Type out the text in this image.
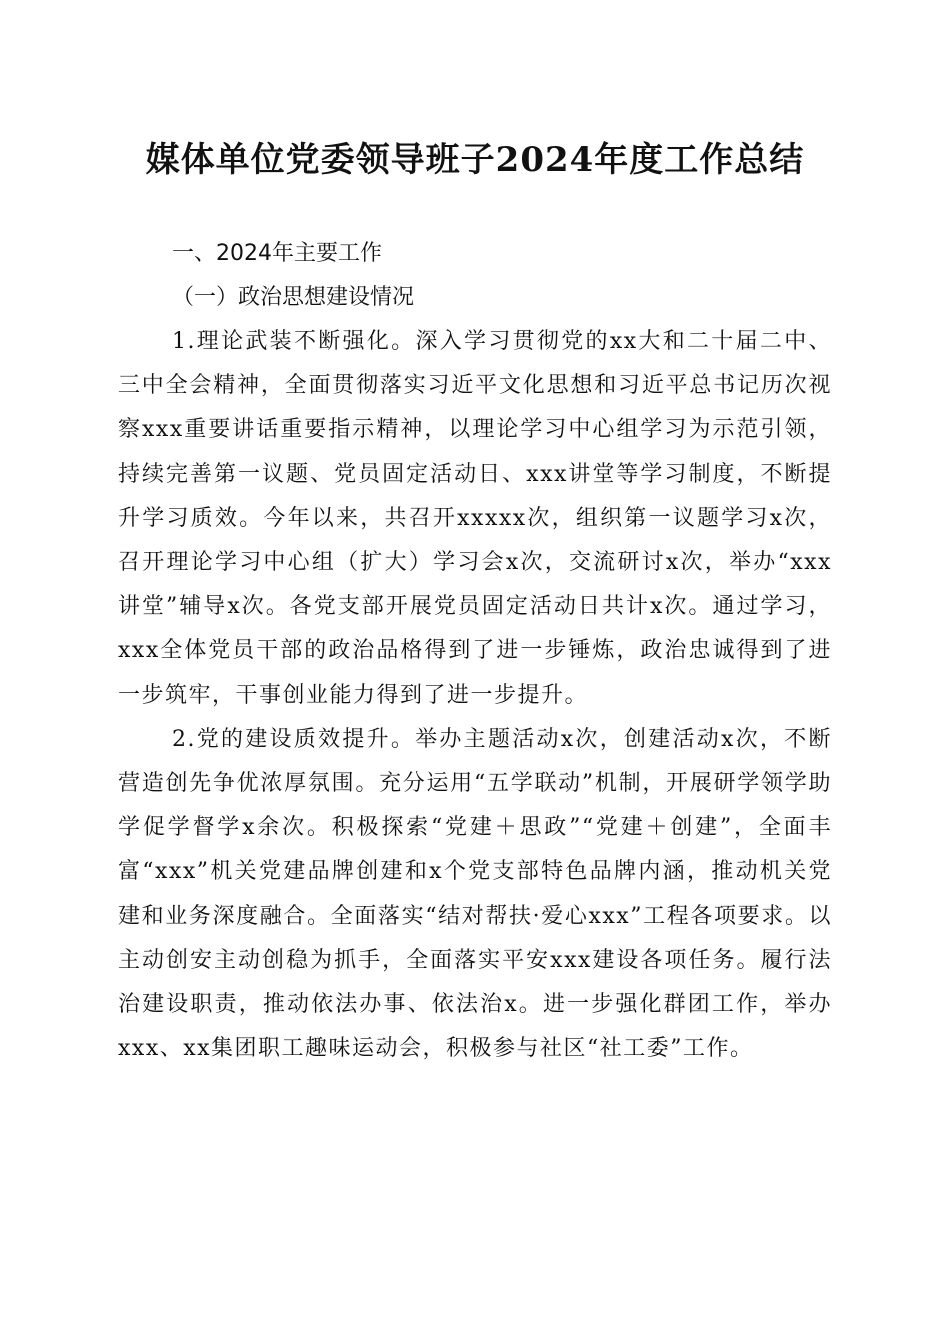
媒体单位党委领导班子2024年度工作总结
一、2024年主要工作
（一）政治思想建设情况

1.理论武装不断强化。深入学习贯彻党的xx大和二十届二中、三中全会精神，全面贯彻落实习近平文化思想和习近平总书记历次视察xxx重要讲话重要指示精神，以理论学习中心组学习为示范引领，持续完善第一议题、党员固定活动日、xxx讲堂等学习制度，不断提升学习质效。今年以来，共召开xxxxx次，组织第一议题学习x次，召开理论学习中心组（扩大）学习会x次，交流研讨x次，举办“xxx讲堂”辅导x次。各党支部开展党员固定活动日共计x次。通过学习，xxx全体党员干部的政治品格得到了进一步锤炼，政治忠诚得到了进一步筑牢，干事创业能力得到了进一步提升。

2.党的建设质效提升。举办主题活动x次，创建活动x次，不断营造创先争优浓厚氛围。充分运用“五学联动”机制，开展研学领学助学促学督学x余次。积极探索“党建＋思政”“党建＋创建”，全面丰富“xxx”机关党建品牌创建和x个党支部特色品牌内涵，推动机关党建和业务深度融合。全面落实“结对帮扶·爱心xxx”工程各项要求。以主动创安主动创稳为抓手，全面落实平安xxx建设各项任务。履行法治建设职责，推动依法办事、依法治x。进一步强化群团工作，举办xxx、xx集团职工趣味运动会，积极参与社区“社工委”工作。
